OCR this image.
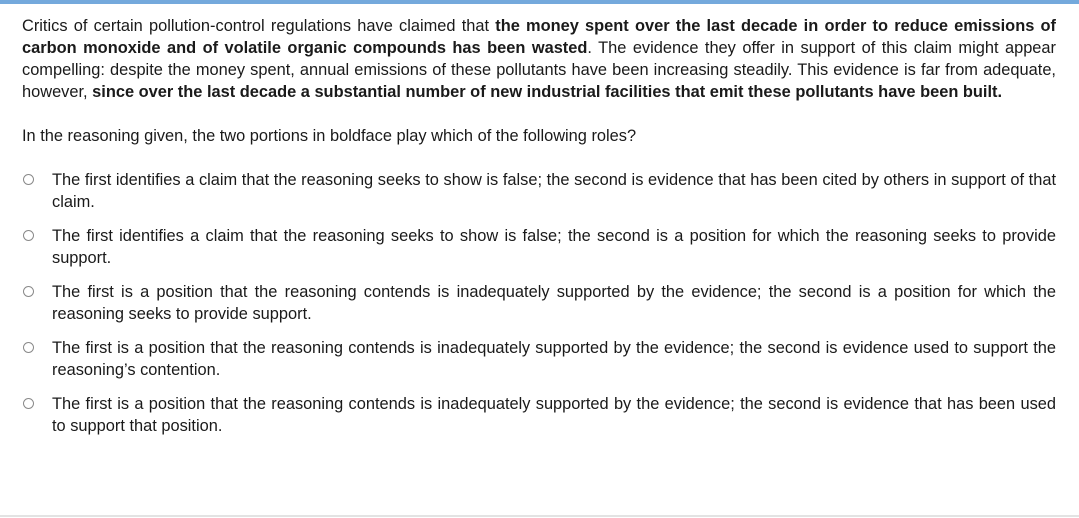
Critics of certain pollution-control regulations have claimed that the money spent over the last decade in order to reduce emissions of carbon monoxide and of volatile organic compounds has been wasted. The evidence they offer in support of this claim might appear compelling: despite the money spent, annual emissions of these pollutants have been increasing steadily. This evidence is far from adequate, however, since over the last decade a substantial number of new industrial facilities that emit these pollutants have been built.

In the reasoning given, the two portions in boldface play which of the following roles?

The first identifies a claim that the reasoning seeks to show is false; the second is evidence that has been cited by others in support of that claim.
The first identifies a claim that the reasoning seeks to show is false; the second is a position for which the reasoning seeks to provide support.
The first is a position that the reasoning contends is inadequately supported by the evidence; the second is a position for which the reasoning seeks to provide support.
The first is a position that the reasoning contends is inadequately supported by the evidence; the second is evidence used to support the reasoning’s contention.
The first is a position that the reasoning contends is inadequately supported by the evidence; the second is evidence that has been used to support that position.
